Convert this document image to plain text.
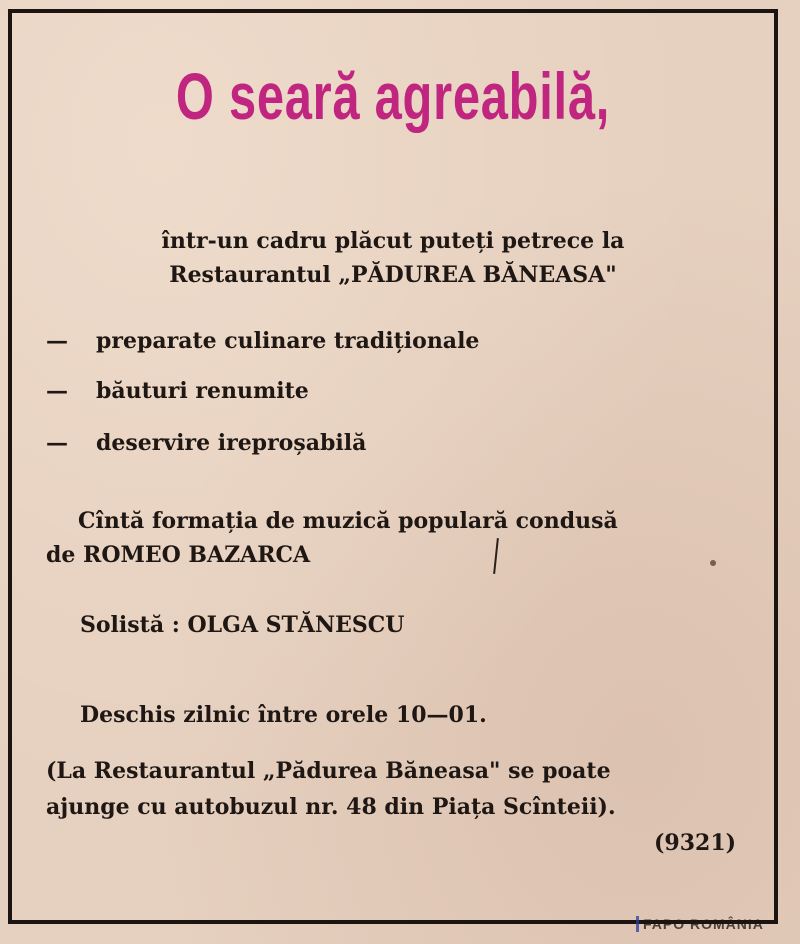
O seară agreabilă,
într-un cadru plăcut puteți petrece la
Restaurantul „PĂDUREA BĂNEASA"
— preparate culinare tradiționale
— băuturi renumite
— deservire ireproșabilă
Cîntă formația de muzică populară condusă
de ROMEO BAZARCA
Solistă : OLGA STĂNESCU
Deschis zilnic între orele 10—01.
(La Restaurantul „Pădurea Băneasa" se poate
ajunge cu autobuzul nr. 48 din Piața Scînteii).
(9321)
FAPO ROMÂNIA
